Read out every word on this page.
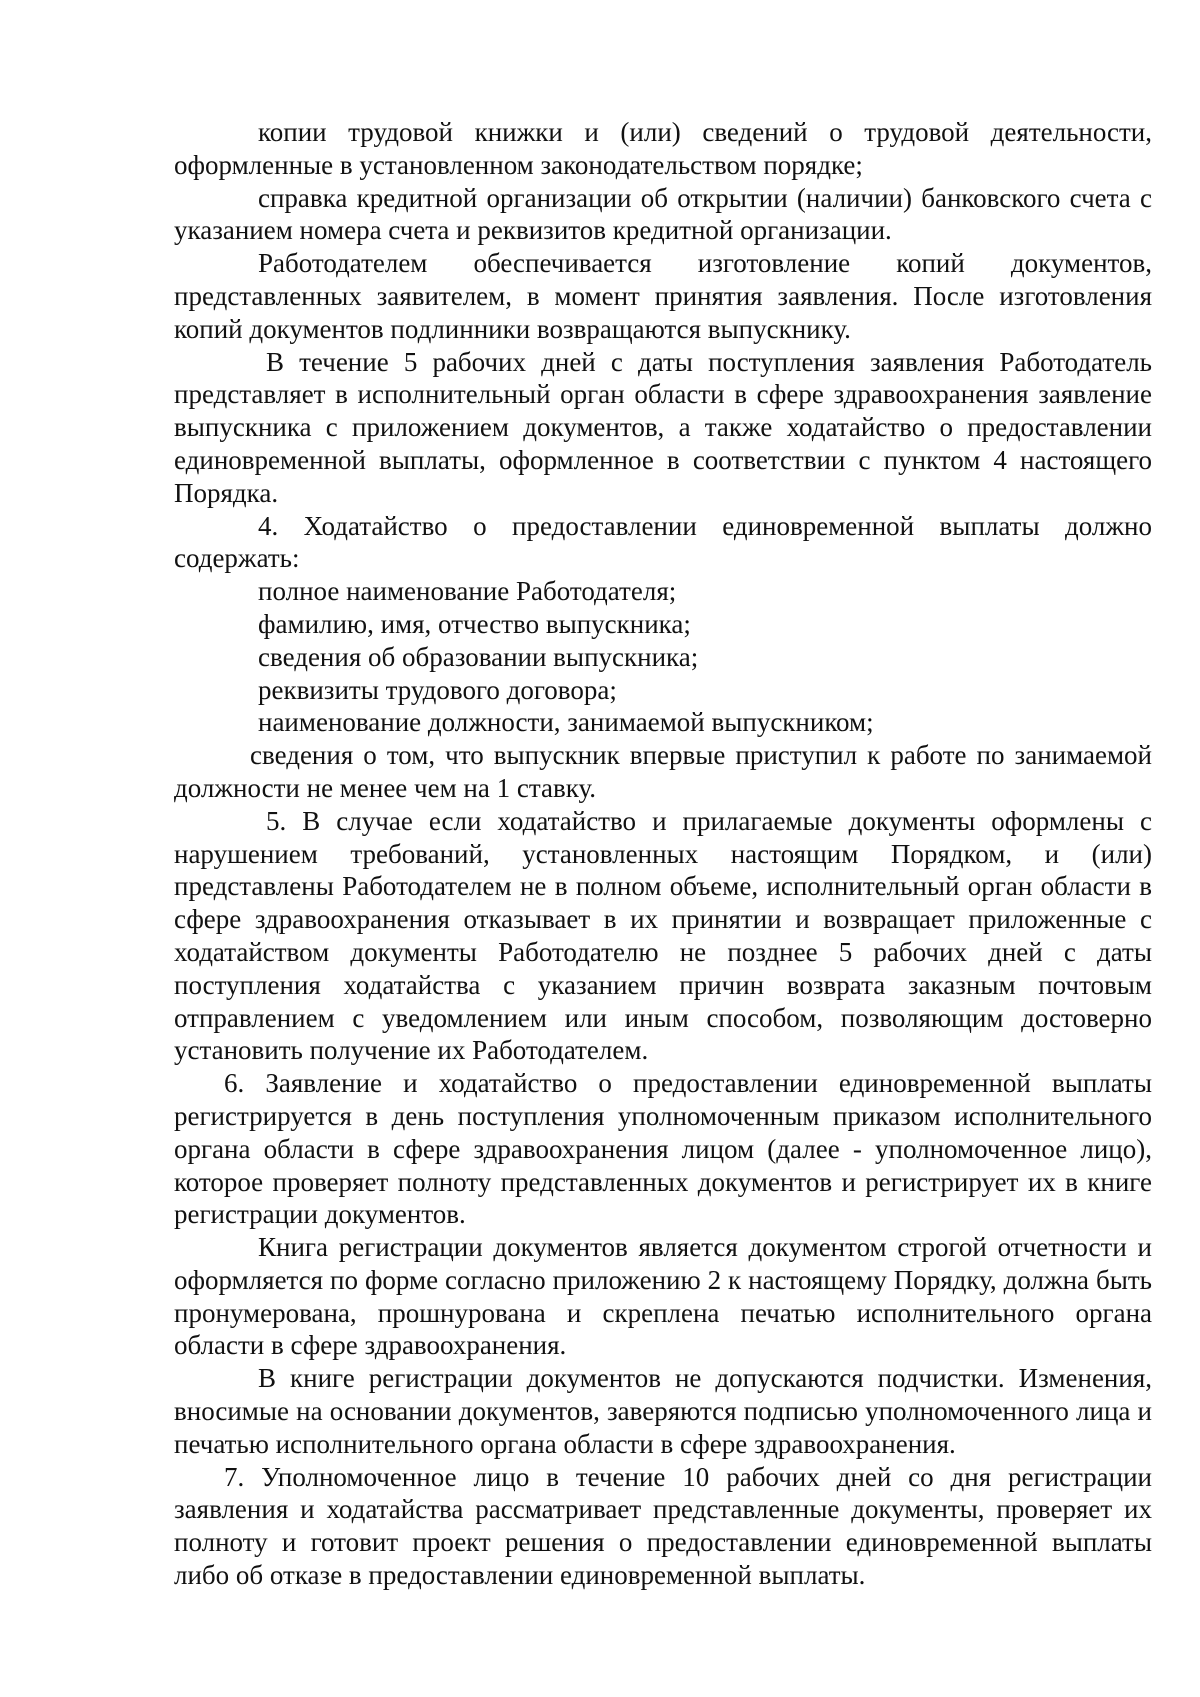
копии трудовой книжки и (или) сведений о трудовой деятельности, оформленные в установленном законодательством порядке;

справка кредитной организации об открытии (наличии) банковского счета с указанием номера счета и реквизитов кредитной организации.

Работодателем обеспечивается изготовление копий документов, представленных заявителем, в момент принятия заявления. После изготовления копий документов подлинники возвращаются выпускнику.

В течение 5 рабочих дней с даты поступления заявления Работодатель представляет в исполнительный орган области в сфере здравоохранения заявление выпускника с приложением документов, а также ходатайство о предоставлении единовременной выплаты, оформленное в соответствии с пунктом 4 настоящего Порядка.

4. Ходатайство о предоставлении единовременной выплаты должно содержать:

полное наименование Работодателя;

фамилию, имя, отчество выпускника;

сведения об образовании выпускника;

реквизиты трудового договора;

наименование должности, занимаемой выпускником;

сведения о том, что выпускник впервые приступил к работе по занимаемой должности не менее чем на 1 ставку.

5. В случае если ходатайство и прилагаемые документы оформлены с нарушением требований, установленных настоящим Порядком, и (или) представлены Работодателем не в полном объеме, исполнительный орган области в сфере здравоохранения отказывает в их принятии и возвращает приложенные с ходатайством документы Работодателю не позднее 5 рабочих дней с даты поступления ходатайства с указанием причин возврата заказным почтовым отправлением с уведомлением или иным способом, позволяющим достоверно установить получение их Работодателем.

6. Заявление и ходатайство о предоставлении единовременной выплаты регистрируется в день поступления уполномоченным приказом исполнительного органа области в сфере здравоохранения лицом (далее - уполномоченное лицо), которое проверяет полноту представленных документов и регистрирует их в книге регистрации документов.

Книга регистрации документов является документом строгой отчетности и оформляется по форме согласно приложению 2 к настоящему Порядку, должна быть пронумерована, прошнурована и скреплена печатью исполнительного органа области в сфере здравоохранения.

В книге регистрации документов не допускаются подчистки. Изменения, вносимые на основании документов, заверяются подписью уполномоченного лица и печатью исполнительного органа области в сфере здравоохранения.

7. Уполномоченное лицо в течение 10 рабочих дней со дня регистрации заявления и ходатайства рассматривает представленные документы, проверяет их полноту и готовит проект решения о предоставлении единовременной выплаты либо об отказе в предоставлении единовременной выплаты.
